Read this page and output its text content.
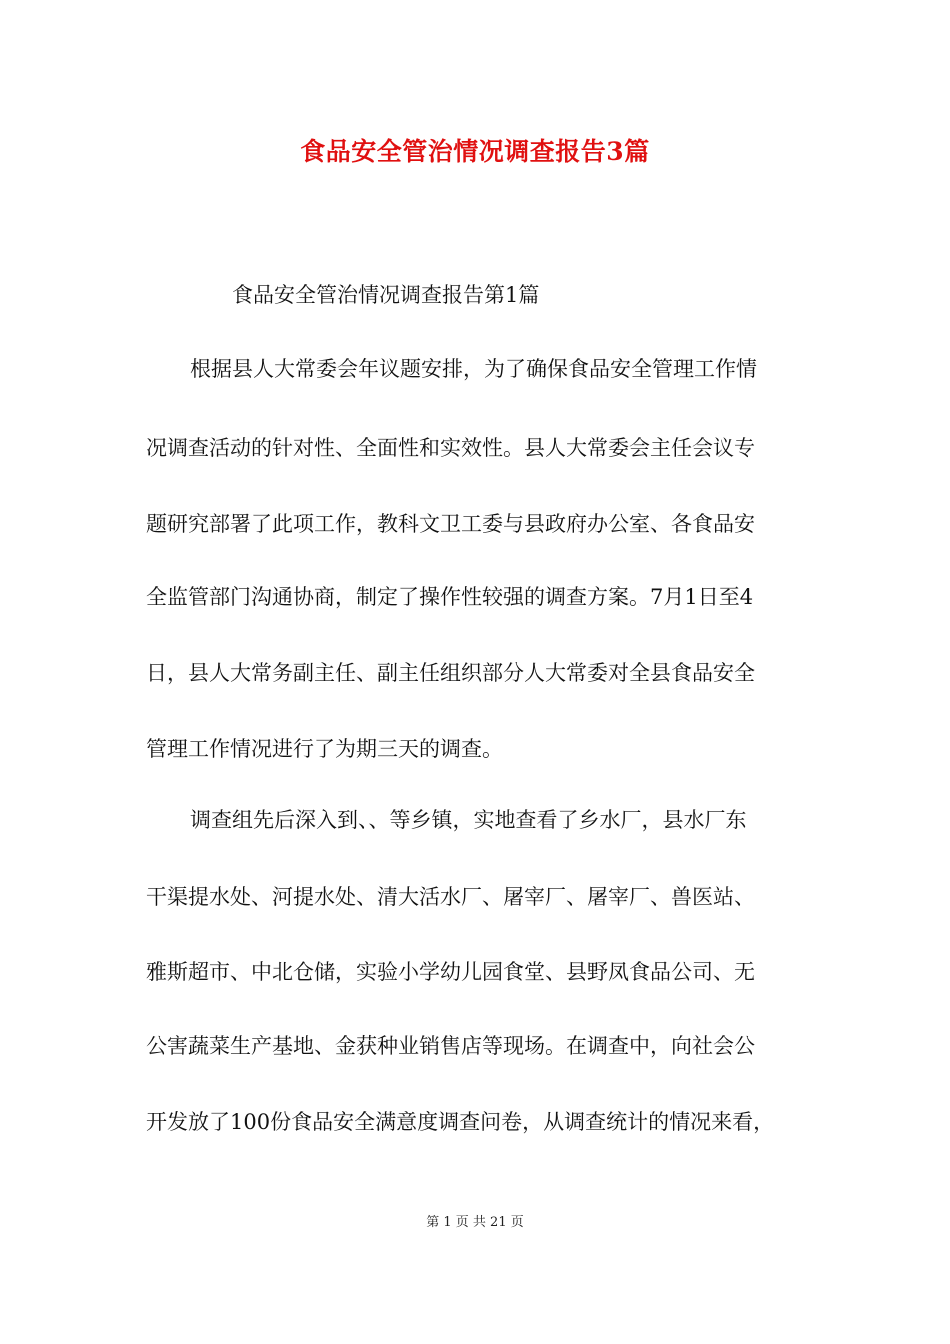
食品安全管治情况调查报告3篇
食品安全管治情况调查报告第1篇
根据县人大常委会年议题安排，为了确保食品安全管理工作情
况调查活动的针对性、全面性和实效性。县人大常委会主任会议专
题研究部署了此项工作，教科文卫工委与县政府办公室、各食品安
全监管部门沟通协商，制定了操作性较强的调查方案。7月1日至4
日，县人大常务副主任、副主任组织部分人大常委对全县食品安全
管理工作情况进行了为期三天的调查。
调查组先后深入到、、等乡镇，实地查看了乡水厂，县水厂东
干渠提水处、河提水处、清大活水厂、屠宰厂、屠宰厂、兽医站、
雅斯超市、中北仓储，实验小学幼儿园食堂、县野凤食品公司、无
公害蔬菜生产基地、金获种业销售店等现场。在调查中，向社会公
开发放了100份食品安全满意度调查问卷，从调查统计的情况来看，
第 1 页 共 21 页
